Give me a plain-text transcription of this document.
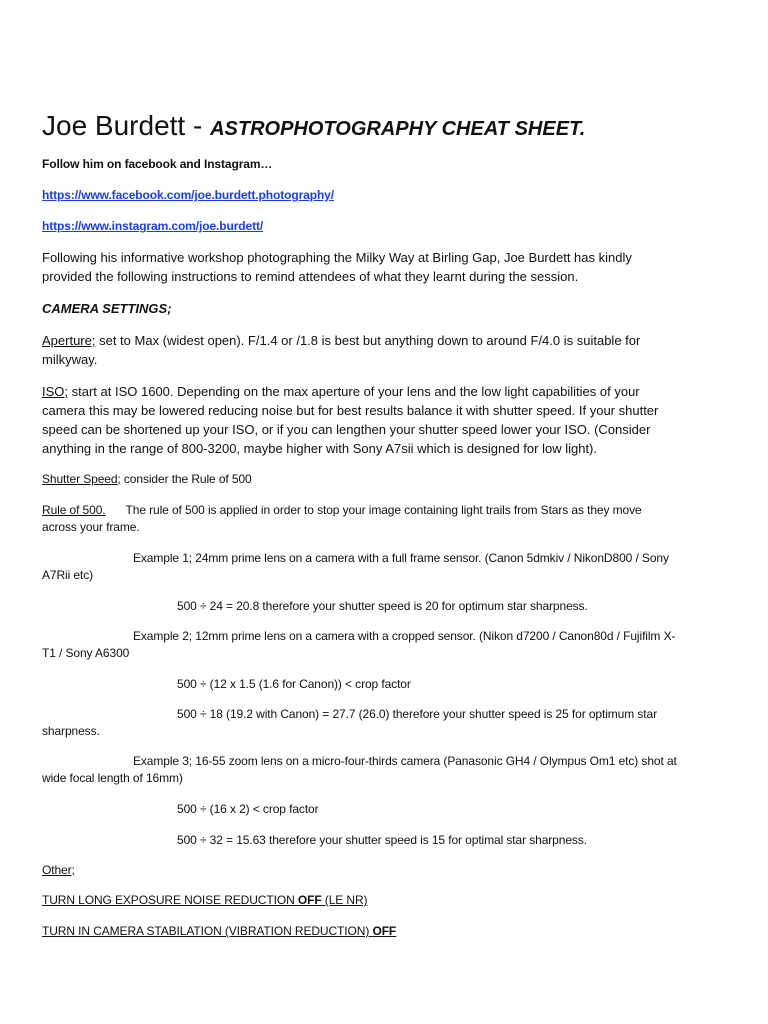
Joe Burdett - ASTROPHOTOGRAPHY CHEAT SHEET.
Follow him on facebook and Instagram…
https://www.facebook.com/joe.burdett.photography/
https://www.instagram.com/joe.burdett/
Following his informative workshop photographing the Milky Way at Birling Gap, Joe Burdett has kindly
provided the following instructions to remind attendees of what they learnt during the session.
CAMERA SETTINGS;
Aperture; set to Max (widest open). F/1.4 or /1.8 is best but anything down to around F/4.0 is suitable for
milkyway.
ISO; start at ISO 1600. Depending on the max aperture of your lens and the low light capabilities of your
camera this may be lowered reducing noise but for best results balance it with shutter speed. If your shutter
speed can be shortened up your ISO, or if you can lengthen your shutter speed lower your ISO. (Consider
anything in the range of 800-3200, maybe higher with Sony A7sii which is designed for low light).
Shutter Speed; consider the Rule of 500
Rule of 500. The rule of 500 is applied in order to stop your image containing light trails from Stars as they move
across your frame.
Example 1; 24mm prime lens on a camera with a full frame sensor. (Canon 5dmkiv / NikonD800 / Sony
A7Rii etc)
500 ÷ 24 = 20.8 therefore your shutter speed is 20 for optimum star sharpness.
Example 2; 12mm prime lens on a camera with a cropped sensor. (Nikon d7200 / Canon80d / Fujifilm X-
T1 / Sony A6300
500 ÷ (12 x 1.5 (1.6 for Canon)) < crop factor
500 ÷ 18 (19.2 with Canon) = 27.7 (26.0) therefore your shutter speed is 25 for optimum star
sharpness.
Example 3; 16-55 zoom lens on a micro-four-thirds camera (Panasonic GH4 / Olympus Om1 etc) shot at
wide focal length of 16mm)
500 ÷ (16 x 2) < crop factor
500 ÷ 32 = 15.63 therefore your shutter speed is 15 for optimal star sharpness.
Other;
TURN LONG EXPOSURE NOISE REDUCTION OFF (LE NR)
TURN IN CAMERA STABILATION (VIBRATION REDUCTION) OFF
